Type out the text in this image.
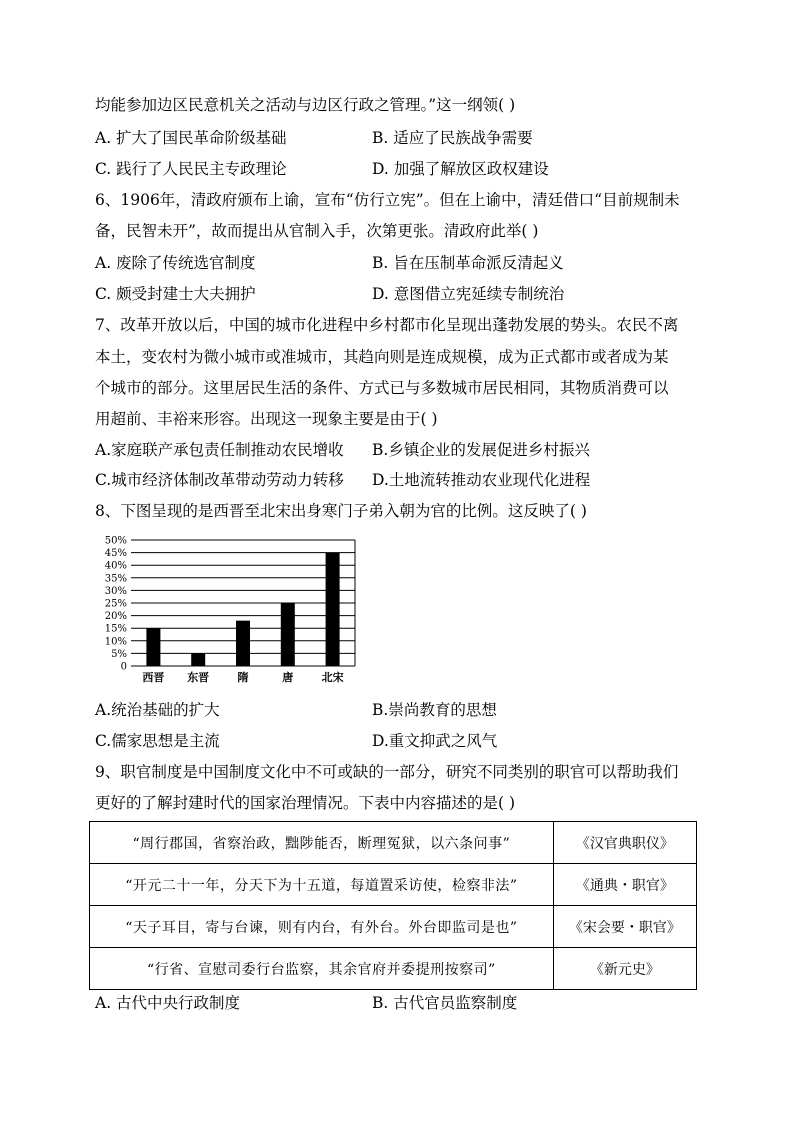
均能参加边区民意机关之活动与边区行政之管理。”这一纲领( )
A. 扩大了国民革命阶级基础	B. 适应了民族战争需要
C. 践行了人民民主专政理论	D. 加强了解放区政权建设
6、1906年，清政府颁布上谕，宣布“仿行立宪”。但在上谕中，清廷借口“目前规制未
备，民智未开”，故而提出从官制入手，次第更张。清政府此举( )
A. 废除了传统选官制度	B. 旨在压制革命派反清起义
C. 颇受封建士大夫拥护	D. 意图借立宪延续专制统治
7、改革开放以后，中国的城市化进程中乡村都市化呈现出蓬勃发展的势头。农民不离
本土，变农村为微小城市或准城市，其趋向则是连成规模，成为正式都市或者成为某
个城市的部分。这里居民生活的条件、方式已与多数城市居民相同，其物质消费可以
用超前、丰裕来形容。出现这一现象主要是由于( )
A.家庭联产承包责任制推动农民增收 B.乡镇企业的发展促进乡村振兴
C.城市经济体制改革带动劳动力转移 D.土地流转推动农业现代化进程
8、下图呈现的是西晋至北宋出身寒门子弟入朝为官的比例。这反映了( )
50%
45%
40%
35%
30%
25%
20%
15%
10%
5%
0
西晋 东晋	隋	唐	北宋
A.统治基础的扩大	B.崇尚教育的思想
C.儒家思想是主流	D.重文抑武之风气
9、职官制度是中国制度文化中不可或缺的一部分，研究不同类别的职官可以帮助我们
更好的了解封建时代的国家治理情况。下表中内容描述的是( )
“周行郡国，省察治政，黜陟能否，断理冤狱，以六条问事”	《汉官典职仪》
“开元二十一年，分天下为十五道，每道置采访使，检察非法”	《通典・职官》
“天子耳目，寄与台谏，则有内台，有外台。外台即监司是也”	《宋会要・职官》
“行省、宣慰司委行台监察，其余官府并委提刑按察司”	《新元史》
A. 古代中央行政制度	B. 古代官员监察制度
